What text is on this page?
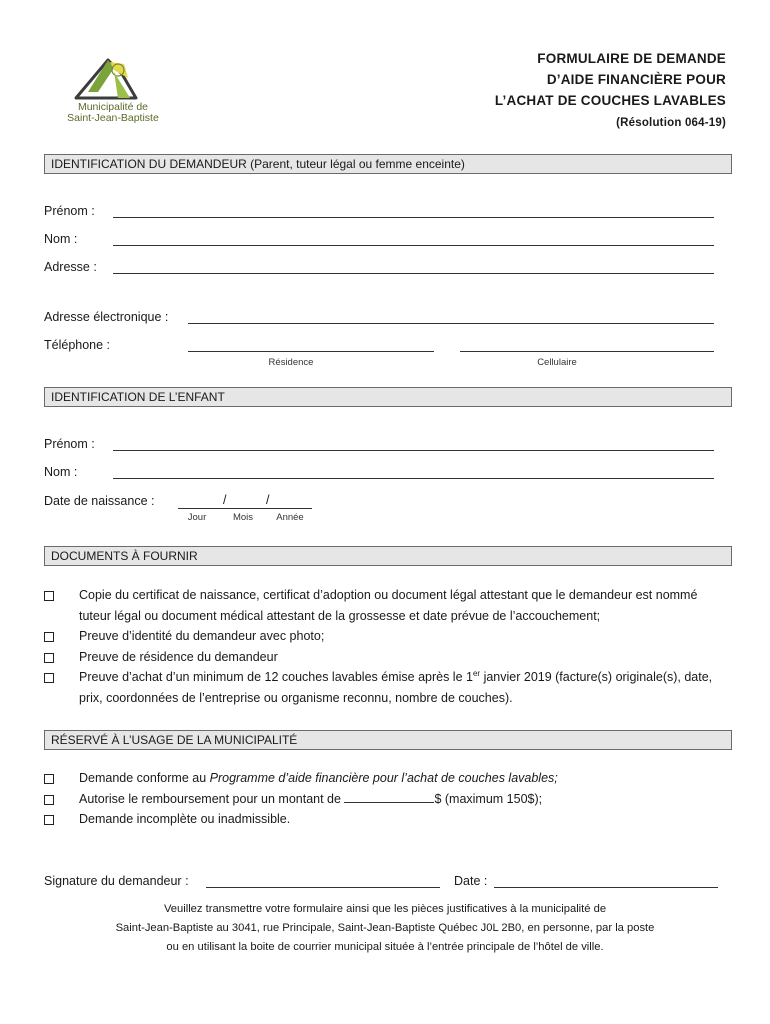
Municipalité de
Saint-Jean-Baptiste
FORMULAIRE DE DEMANDE
D’AIDE FINANCIÈRE POUR
L’ACHAT DE COUCHES LAVABLES
(Résolution 064-19)
IDENTIFICATION DU DEMANDEUR (Parent, tuteur légal ou femme enceinte)
Prénom :
Nom :
Adresse :
Adresse électronique :
Téléphone :
Résidence	Cellulaire
IDENTIFICATION DE L’ENFANT
Prénom :
Nom :
Date de naissance :	/	/
Jour	Mois	Année
DOCUMENTS À FOURNIR
Copie du certificat de naissance, certificat d’adoption ou document légal attestant que le demandeur est nommé tuteur légal ou document médical attestant de la grossesse et date prévue de l’accouchement;
Preuve d’identité du demandeur avec photo;
Preuve de résidence du demandeur
Preuve d’achat d’un minimum de 12 couches lavables émise après le 1er janvier 2019 (facture(s) originale(s), date, prix, coordonnées de l’entreprise ou organisme reconnu, nombre de couches).
RÉSERVÉ À L’USAGE DE LA MUNICIPALITÉ
Demande conforme au Programme d’aide financière pour l’achat de couches lavables;
Autorise le remboursement pour un montant de	$ (maximum 150$);
Demande incomplète ou inadmissible.
Signature du demandeur :	Date :
Veuillez transmettre votre formulaire ainsi que les pièces justificatives à la municipalité de
Saint-Jean-Baptiste au 3041, rue Principale, Saint-Jean-Baptiste Québec J0L 2B0, en personne, par la poste
ou en utilisant la boite de courrier municipal située à l’entrée principale de l’hôtel de ville.
